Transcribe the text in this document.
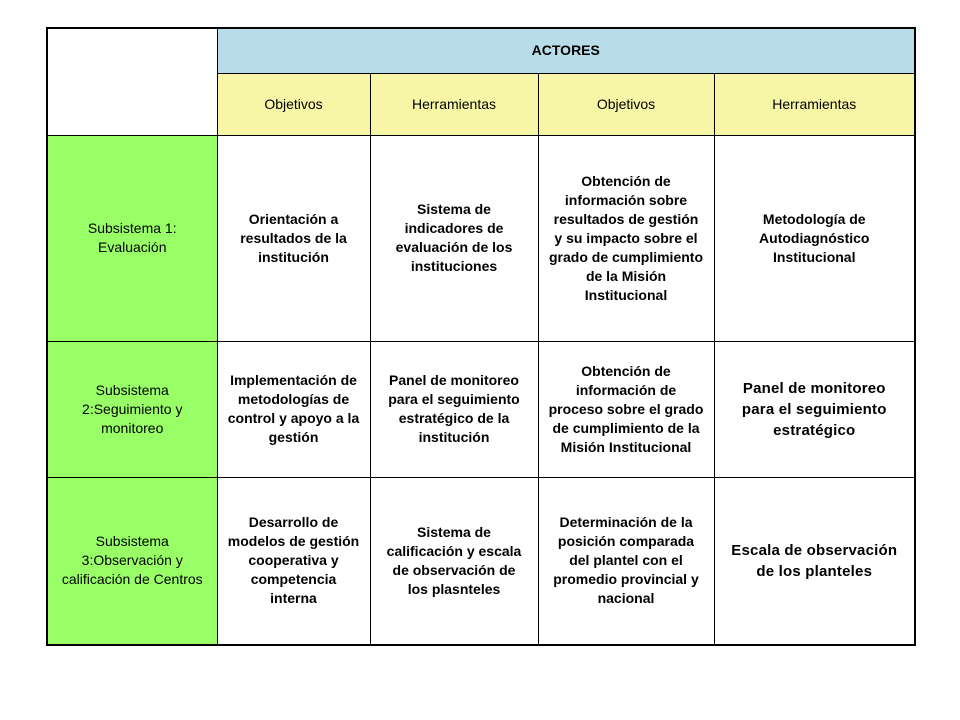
	ACTORES			
	Objetivos	Herramientas	Objetivos	Herramientas
Subsistema 1: Evaluación	Orientación a resultados de la institución	Sistema de indicadores de evaluación de los instituciones	Obtención de información sobre resultados de gestión y su impacto sobre el grado de cumplimiento de la Misión Institucional	Metodología de Autodiagnóstico Institucional
Subsistema 2:Seguimiento y monitoreo	Implementación de metodologías de control y apoyo a la gestión	Panel de monitoreo para el seguimiento estratégico de la institución	Obtención de información de proceso sobre el grado de cumplimiento de la Misión Institucional	Panel de monitoreo para el seguimiento estratégico
Subsistema 3:Observación y calificación de Centros	Desarrollo de modelos de gestión cooperativa y competencia interna	Sistema de calificación y escala de observación de los plasnteles	Determinación de la posición comparada del plantel con el promedio provincial y nacional	Escala de observación de los planteles
